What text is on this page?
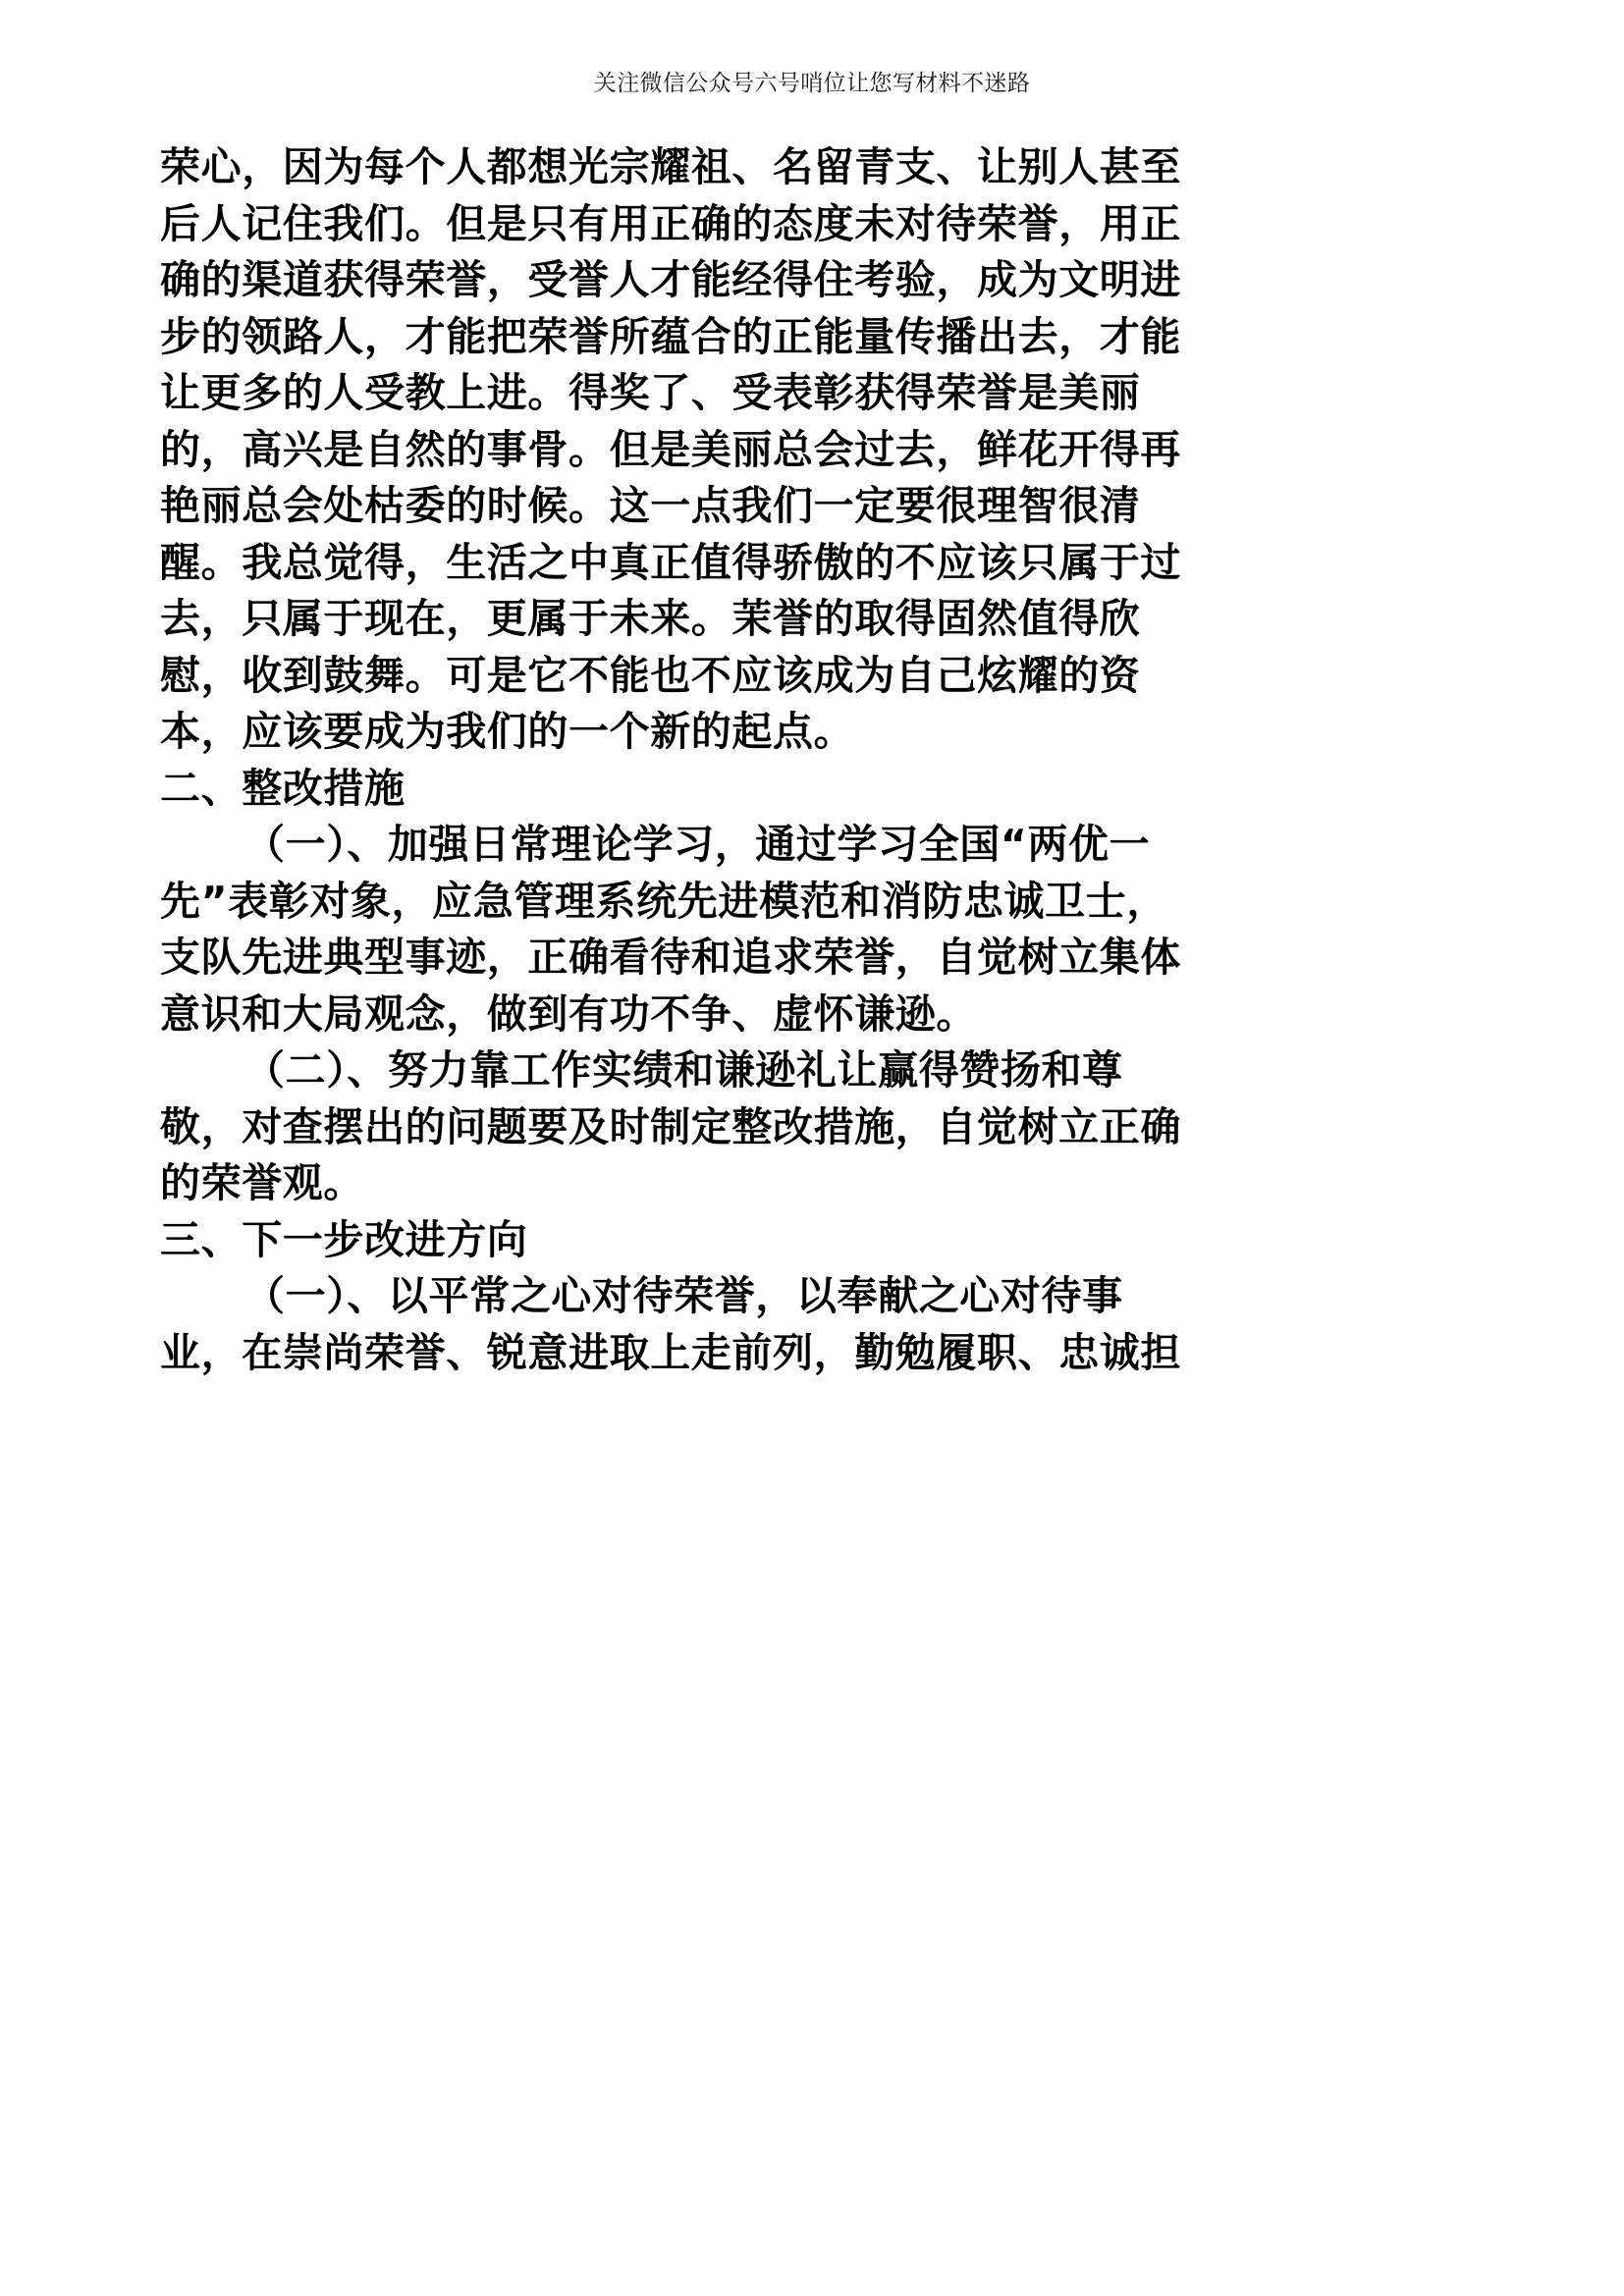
关注微信公众号六号哨位让您写材料不迷路
荣心，因为每个人都想光宗耀祖、名留青支、让别人甚至
后人记住我们。但是只有用正确的态度未对待荣誉，用正
确的渠道获得荣誉，受誉人才能经得住考验，成为文明进
步的领路人，才能把荣誉所蕴合的正能量传播出去，才能
让更多的人受教上进。得奖了、受表彰获得荣誉是美丽
的，高兴是自然的事骨。但是美丽总会过去，鲜花开得再
艳丽总会处枯委的时候。这一点我们一定要很理智很清
醒。我总觉得，生活之中真正值得骄傲的不应该只属于过
去，只属于现在，更属于未来。茉誉的取得固然值得欣
慰，收到鼓舞。可是它不能也不应该成为自己炫耀的资
本，应该要成为我们的一个新的起点。
二、整改措施
（一）、加强日常理论学习，通过学习全国“两优一
先”表彰对象，应急管理系统先进模范和消防忠诚卫士，
支队先进典型事迹，正确看待和追求荣誉，自觉树立集体
意识和大局观念，做到有功不争、虚怀谦逊。
（二）、努力靠工作实绩和谦逊礼让赢得赞扬和尊
敬，对查摆出的问题要及时制定整改措施，自觉树立正确
的荣誉观。
三、下一步改进方向
（一）、以平常之心对待荣誉，以奉献之心对待事
业，在崇尚荣誉、锐意进取上走前列，勤勉履职、忠诚担
